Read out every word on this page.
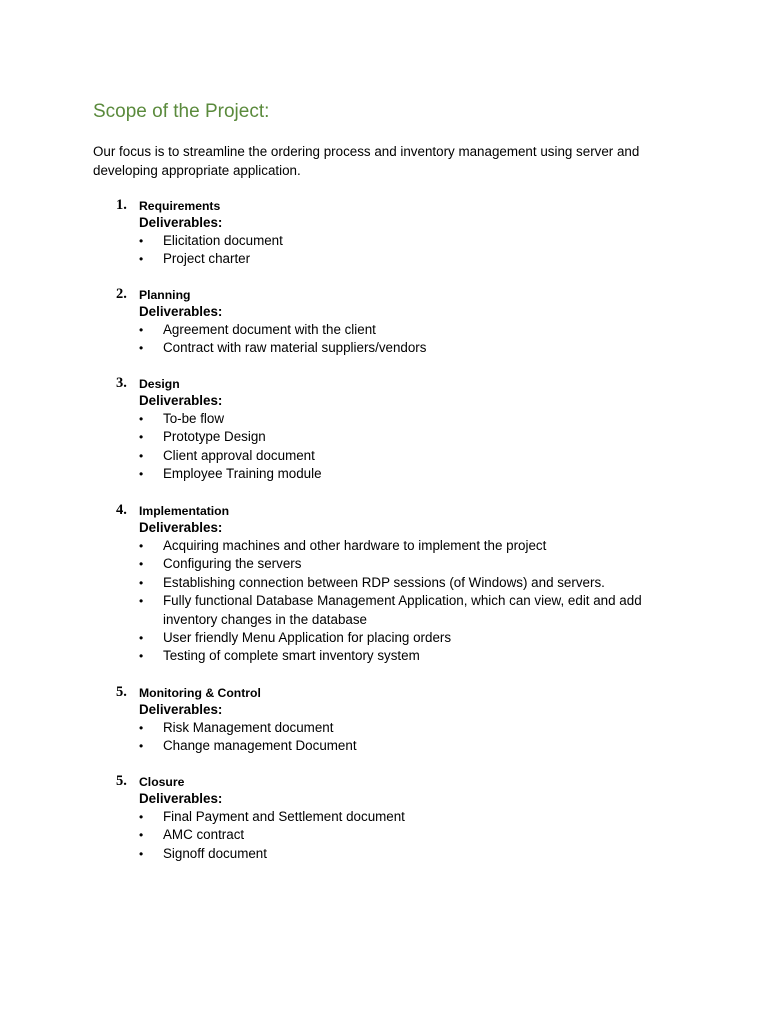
Scope of the Project:

Our focus is to streamline the ordering process and inventory management using server and

developing appropriate application.

1. Requirements
Deliverables:
• Elicitation document
• Project charter
2. Planning
Deliverables:
• Agreement document with the client
• Contract with raw material suppliers/vendors
3. Design
Deliverables:
• To-be flow
• Prototype Design
• Client approval document
• Employee Training module
4. Implementation
Deliverables:
• Acquiring machines and other hardware to implement the project
• Configuring the servers
• Establishing connection between RDP sessions (of Windows) and servers.
• Fully functional Database Management Application, which can view, edit and add inventory changes in the database
• User friendly Menu Application for placing orders
• Testing of complete smart inventory system
5. Monitoring & Control
Deliverables:
• Risk Management document
• Change management Document
5. Closure
Deliverables:
• Final Payment and Settlement document
• AMC contract
• Signoff document
